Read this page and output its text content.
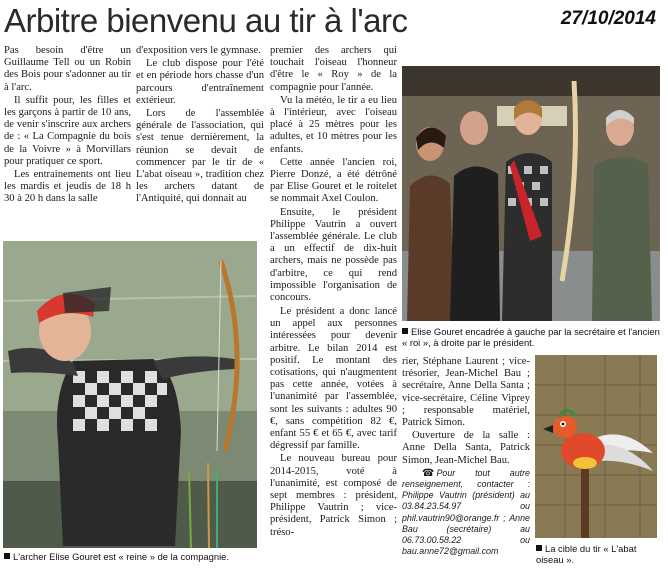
Arbitre bienvenu au tir à l'arc	27/10/2014

Pas besoin d'être un Guillaume Tell ou un Robin des Bois pour s'adonner au tir à l'arc.

Il suffit pour, les filles et les garçons à partir de 10 ans, de venir s'inscrire aux archers de : « La Compagnie du bois de la Voivre » à Morvillars pour pratiquer ce sport.

Les entrainements ont lieu les mardis et jeudis de 18 h 30 à 20 h dans la salle

d'exposition vers le gymnase.

Le club dispose pour l'été et en période hors chasse d'un parcours d'entraînement extérieur.

Lors de l'assemblée générale de l'association, qui s'est tenue dernièrement, la réunion se devait de commencer par le tir de « L'abat oiseau », tradition chez les archers datant de l'Antiquité, qui donnait au

premier des archers qui touchait l'oiseau l'honneur d'être le « Roy » de la compagnie pour l'année.

Vu la météo, le tir a eu lieu à l'intérieur, avec l'oiseau placé à 25 mètres pour les adultes, et 10 mètres pour les enfants.

Cette année l'ancien roi, Pierre Donzé, a été détrôné par Elise Gouret et le roitelet se nommait Axel Coulon.

Ensuite, le président Philippe Vautrin a ouvert l'assemblée générale. Le club a un effectif de dix-huit archers, mais ne possède pas d'arbitre, ce qui rend impossible l'organisation de concours.

Le président a donc lancé un appel aux personnes intéressées pour devenir arbitre. Le bilan 2014 est positif. Le montant des cotisations, qui n'augmentent pas cette année, votées à l'unanimité par l'assemblée, sont les suivants : adultes 90 €, sans compétition 82 €, enfant 55 € et 65 €, avec tarif dégressif par famille.

Le nouveau bureau pour 2014-2015, voté à l'unanimité, est composé de sept membres : président, Philippe Vautrin ; vice-président, Patrick Simon ; tréso-

rier, Stéphane Laurent ; vice-trésorier, Jean-Michel Bau ; secrétaire, Anne Della Santa ; vice-secrétaire, Céline Viprey ; responsable matériel, Patrick Simon.

Ouverture de la salle : Anne Della Santa, Patrick Simon, Jean-Michel Bau.

☎ Pour tout autre renseignement, contacter : Philippe Vautrin (président) au 03.84.23.54.97 ou phil.vautrin90@orange.fr ; Anne Bau (secrétaire) au 06.73.00.58.22 ou bau.anne72@gmail.com

L'archer Elise Gouret est « reine » de la compagnie.
Elise Gouret encadrée à gauche par la secrétaire et l'ancien « roi », à droite par le président.
La cible du tir « L'abat oiseau ».
